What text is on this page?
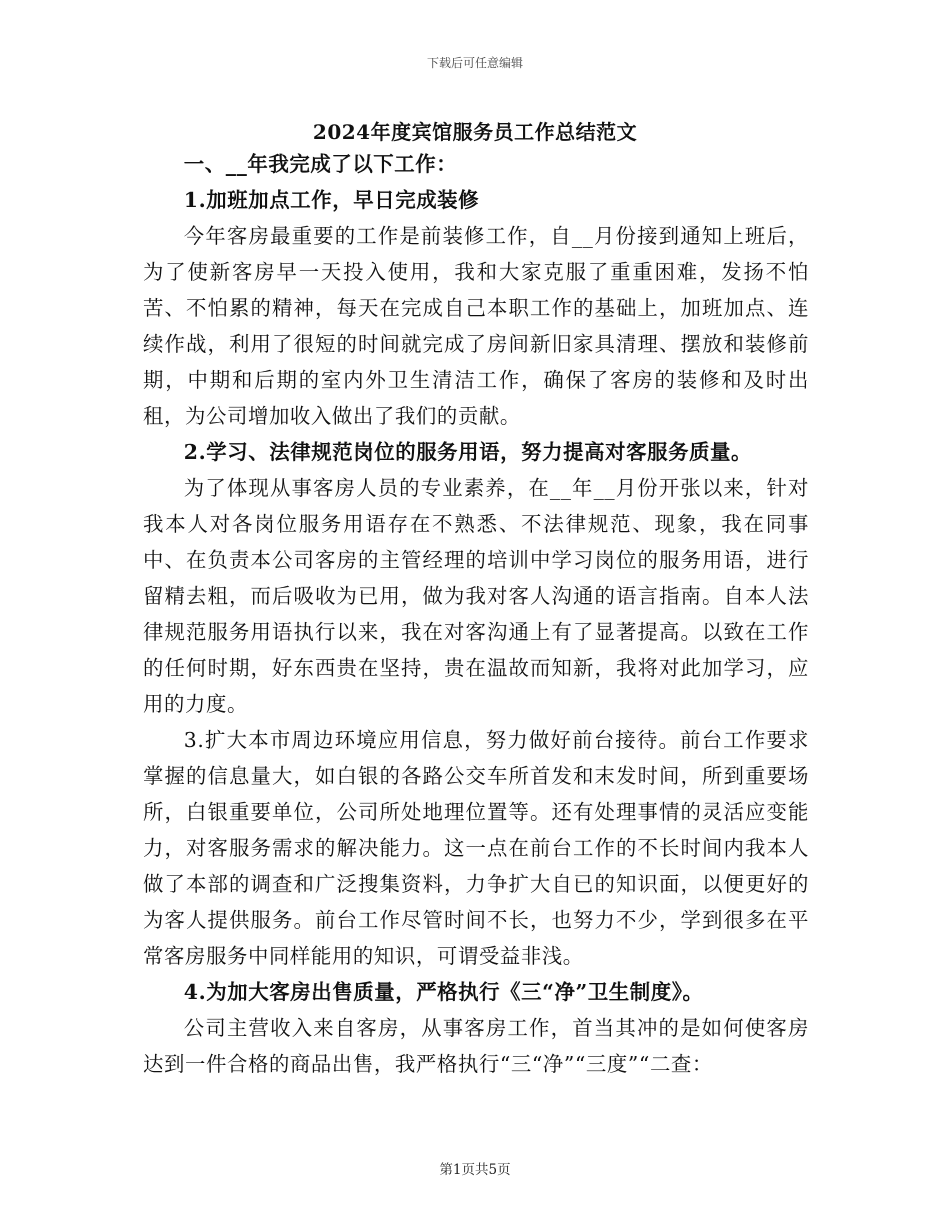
下载后可任意编辑
2024年度宾馆服务员工作总结范文

一、__年我完成了以下工作：

1.加班加点工作，早日完成装修

今年客房最重要的工作是前装修工作，自__月份接到通知上班后，为了使新客房早一天投入使用，我和大家克服了重重困难，发扬不怕苦、不怕累的精神，每天在完成自己本职工作的基础上，加班加点、连续作战，利用了很短的时间就完成了房间新旧家具清理、摆放和装修前期，中期和后期的室内外卫生清洁工作，确保了客房的装修和及时出租，为公司增加收入做出了我们的贡献。

2.学习、法律规范岗位的服务用语，努力提高对客服务质量。

为了体现从事客房人员的专业素养，在__年__月份开张以来，针对我本人对各岗位服务用语存在不熟悉、不法律规范、现象，我在同事中、在负责本公司客房的主管经理的培训中学习岗位的服务用语，进行留精去粗，而后吸收为已用，做为我对客人沟通的语言指南。自本人法律规范服务用语执行以来，我在对客沟通上有了显著提高。以致在工作的任何时期，好东西贵在坚持，贵在温故而知新，我将对此加学习，应用的力度。

3.扩大本市周边环境应用信息，努力做好前台接待。前台工作要求掌握的信息量大，如白银的各路公交车所首发和末发时间，所到重要场所，白银重要单位，公司所处地理位置等。还有处理事情的灵活应变能力，对客服务需求的解决能力。这一点在前台工作的不长时间内我本人做了本部的调查和广泛搜集资料，力争扩大自已的知识面，以便更好的为客人提供服务。前台工作尽管时间不长，也努力不少，学到很多在平常客房服务中同样能用的知识，可谓受益非浅。

4.为加大客房出售质量，严格执行《三“净”卫生制度》。

公司主营收入来自客房，从事客房工作，首当其冲的是如何使客房达到一件合格的商品出售，我严格执行“三“净”“三度”“二查：

第1页共5页
